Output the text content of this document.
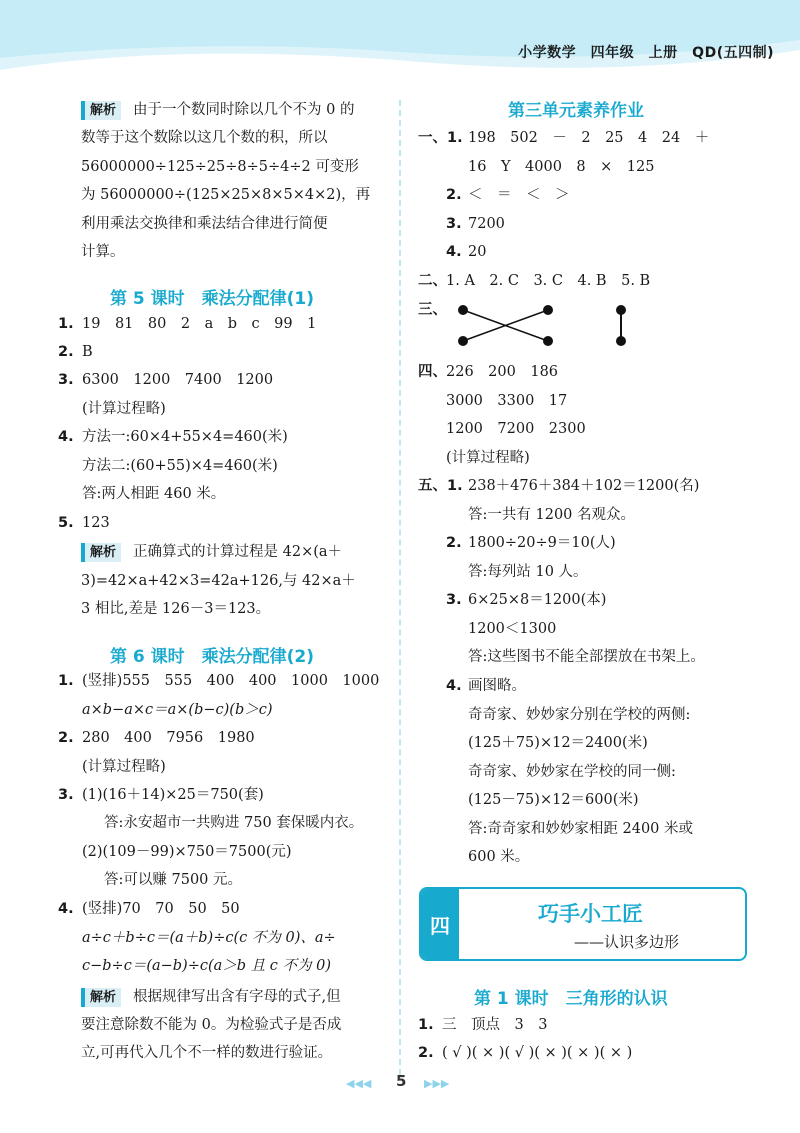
小学数学　四年级　上册　QD(五四制)
解析 由于一个数同时除以几个不为 0 的
数等于这个数除以这几个数的积，所以
56000000÷125÷25÷8÷5÷4÷2 可变形
为 56000000÷(125×25×8×5×4×2)，再
利用乘法交换律和乘法结合律进行简便
计算。
第 5 课时　乘法分配律(1)
1. 19　81　80　2　a　b　c　99　1
2. B
3. 6300　1200　7400　1200
(计算过程略)
4. 方法一:60×4+55×4=460(米)
方法二:(60+55)×4=460(米)
答:两人相距 460 米。
5. 123
解析 正确算式的计算过程是 42×(a＋
3)=42×a+42×3=42a+126,与 42×a＋
3 相比,差是 126－3＝123。
第 6 课时　乘法分配律(2)
1. (竖排)555　555　400　400　1000　1000
a×b−a×c＝a×(b−c)(b＞c)
2. 280　400　7956　1980
(计算过程略)
3. (1)(16＋14)×25＝750(套)
答:永安超市一共购进 750 套保暖内衣。
(2)(109－99)×750＝7500(元)
答:可以赚 7500 元。
4. (竖排)70　70　50　50
a÷c＋b÷c＝(a＋b)÷c(c 不为 0)、a÷
c−b÷c＝(a−b)÷c(a＞b 且 c 不为 0)
解析 根据规律写出含有字母的式子,但
要注意除数不能为 0。为检验式子是否成
立,可再代入几个不一样的数进行验证。
第三单元素养作业
一、1. 198　502　－　2　25　4　24　＋
16　Y　4000　8　×　125
2. ＜　＝　＜　＞
3. 7200
4. 20
二、1. A　2. C　3. C　4. B　5. B
三、
四、226　200　186
3000　3300　17
1200　7200　2300
(计算过程略)
五、1. 238＋476＋384＋102＝1200(名)
答:一共有 1200 名观众。
2. 1800÷20÷9＝10(人)
答:每列站 10 人。
3. 6×25×8＝1200(本)
1200＜1300
答:这些图书不能全部摆放在书架上。
4. 画图略。
奇奇家、妙妙家分别在学校的两侧:
(125＋75)×12＝2400(米)
奇奇家、妙妙家在学校的同一侧:
(125－75)×12＝600(米)
答:奇奇家和妙妙家相距 2400 米或
600 米。
四	巧手小工匠
——认识多边形
第 1 课时　三角形的认识
1. 三　顶点　3　3
2. ( √ )( × )( √ )( × )( × )( × )
◀◀◀ 5 ▶▶▶
